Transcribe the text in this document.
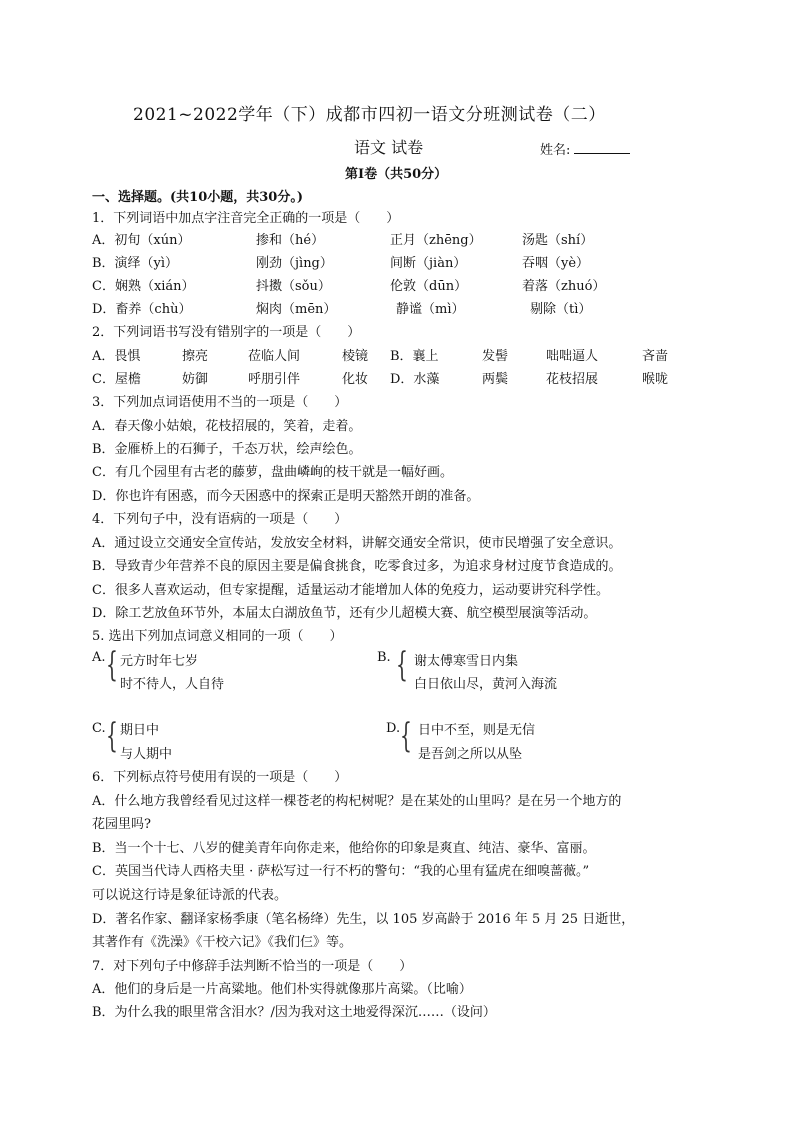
2021~2022学年（下）成都市四初一语文分班测试卷（二）
语文 试卷	姓名:
第Ⅰ卷（共50分）
一、选择题。(共10小题，共30分。)
1．下列词语中加点字注音完全正确的一项是（　　）
A．初旬（xún）	掺和（hé）	正月（zhēng）	汤匙（shí）
B．演绎（yì）	刚劲（jìng）	间断（jiàn）	吞咽（yè）
C．娴熟（xián）	抖擞（sǒu）	伦敦（dūn）	着落（zhuó）
D．畜养（chù）	焖肉（mēn）	静谧（mì）	剔除（tì）
2．下列词语书写没有错别字的一项是（　　）
A．畏惧	擦亮	莅临人间	棱镜 B．襄上	发髻	咄咄逼人	吝啬
C．屋檐	妨御	呼朋引伴	化妆 D．水藻	两鬓	花枝招展	喉咙
3．下列加点词语使用不当的一项是（　　）
A．春天像小姑娘，花枝招展的，笑着，走着。
B．金雁桥上的石狮子，千态万状，绘声绘色。
C．有几个园里有古老的藤萝，盘曲嶙峋的枝干就是一幅好画。
D．你也许有困惑，而今天困惑中的探索正是明天豁然开朗的准备。
4．下列句子中，没有语病的一项是（　　）
A．通过设立交通安全宣传站，发放安全材料，讲解交通安全常识，使市民增强了安全意识。
B．导致青少年营养不良的原因主要是偏食挑食，吃零食过多，为追求身材过度节食造成的。
C．很多人喜欢运动，但专家提醒，适量运动才能增加人体的免疫力，运动要讲究科学性。
D．除工艺放鱼环节外，本届太白湖放鱼节，还有少儿超模大赛、航空模型展演等活动。
5. 选出下列加点词意义相同的一项（　　）
A. { 元方时年七岁
时不待人，人自待
B. { 谢太傅寒雪日内集
白日依山尽，黄河入海流
C. { 期日中
与人期中
D. { 日中不至，则是无信
是吾剑之所以从坠
6．下列标点符号使用有误的一项是（　　）
A．什么地方我曾经看见过这样一棵苍老的构杞树呢？是在某处的山里吗？是在另一个地方的
花园里吗?
B．当一个十七、八岁的健美青年向你走来，他给你的印象是爽直、纯洁、豪华、富丽。
C．英国当代诗人西格夫里 · 萨松写过一行不朽的警句：“我的心里有猛虎在细嗅蔷薇。”
可以说这行诗是象征诗派的代表。
D．著名作家、翻译家杨季康（笔名杨绛）先生，以 105 岁高龄于 2016 年 5 月 25 日逝世，
其著作有《洗澡》《干校六记》《我们仨》等。
7．对下列句子中修辞手法判断不恰当的一项是（　　）
A．他们的身后是一片高粱地。他们朴实得就像那片高粱。（比喻）
B．为什么我的眼里常含泪水？/因为我对这土地爱得深沉……（设问）
